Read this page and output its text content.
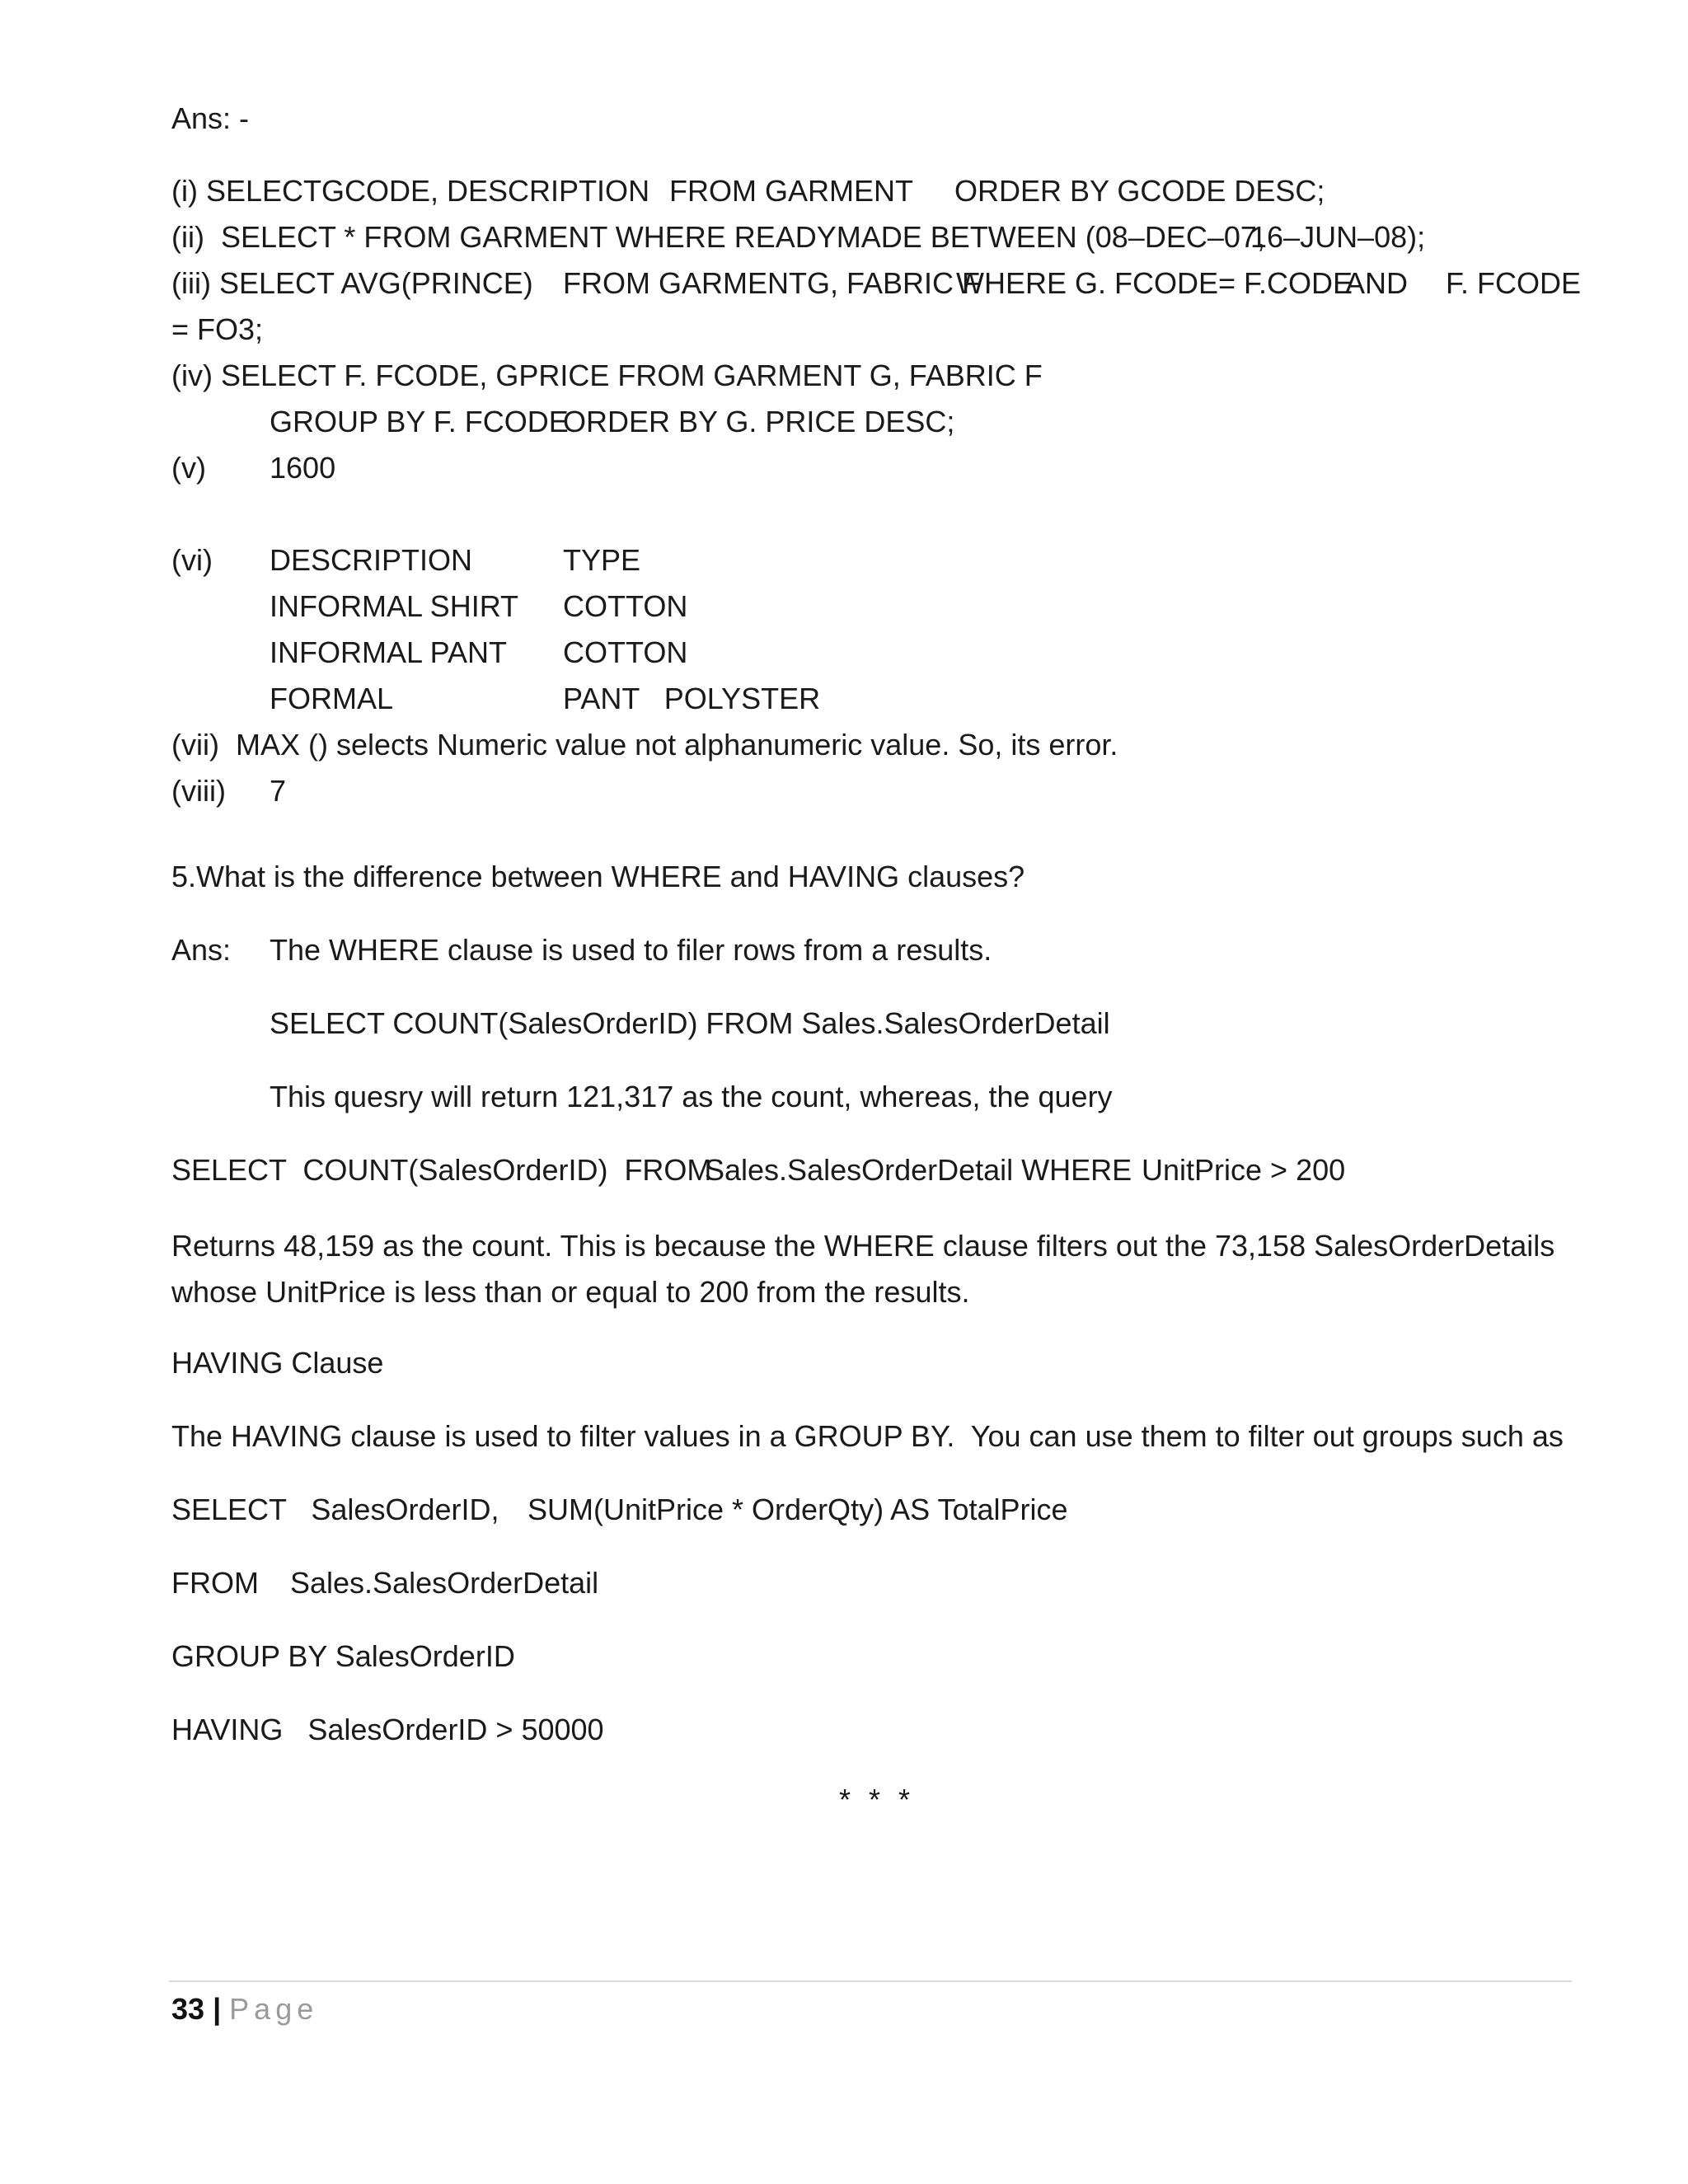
Ans: -
(i) SELECTGCODE, DESCRIPTION FROM GARMENT ORDER BY GCODE DESC;
(ii)  SELECT * FROM GARMENT WHERE READYMADE BETWEEN (08–DEC–07,
16–JUN–08);
(iii) SELECT AVG(PRINCE) FROM GARMENTG, FABRIC F
WHERE G. FCODE= F.CODE
AND F. FCODE
= FO3;
(iv) SELECT F. FCODE, GPRICE FROM GARMENT G, FABRIC F
GROUP BY F. FCODE
ORDER BY G. PRICE DESC;
(v) 1600
(vi) DESCRIPTION	TYPE
INFORMAL SHIRT COTTON
INFORMAL PANT COTTON
FORMAL	PANT   POLYSTER
(vii)  MAX () selects Numeric value not alphanumeric value. So, its error.
(viii) 7
5.What is the difference between WHERE and HAVING clauses?
Ans: The WHERE clause is used to filer rows from a results.
SELECT COUNT(SalesOrderID) FROM Sales.SalesOrderDetail
This quesry will return 121,317 as the count, whereas, the query
SELECT  COUNT(SalesOrderID)  FROM
Sales.SalesOrderDetail WHERE UnitPrice > 200
Returns 48,159 as the count. This is because the WHERE clause filters out the 73,158 SalesOrderDetails whose UnitPrice is less than or equal to 200 from the results.
HAVING Clause
The HAVING clause is used to filter values in a GROUP BY.  You can use them to filter out groups such as
SELECT   SalesOrderID, SUM(UnitPrice * OrderQty) AS TotalPrice
FROM Sales.SalesOrderDetail
GROUP BY SalesOrderID
HAVING   SalesOrderID > 50000
* * *
33 | Page
